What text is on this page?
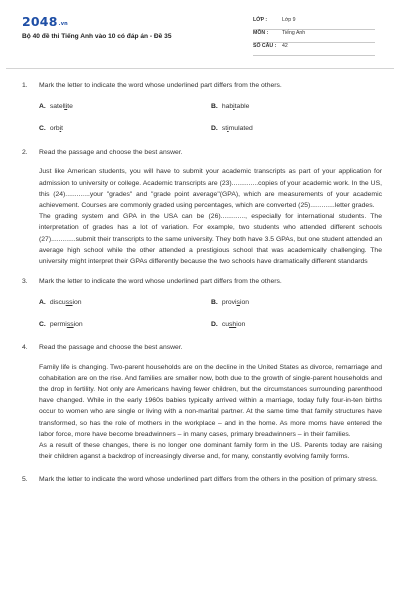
2048.vn
Bộ 40 đề thi Tiếng Anh vào 10 có đáp án - Đề 35
LỚP :	Lớp 9
MÔN :	Tiếng Anh
SỐ CÂU :	42
1.	Mark the letter to indicate the word whose underlined part differs from the others.
A. satellite	B. habitable
C. orbit	D. stimulated
2.	Read the passage and choose the best answer.

Just like American students, you will have to submit your academic transcripts as part of your application for admission to university or college. Academic transcripts are (23)..............copies of your academic work. In the US, this (24).............your "grades" and "grade point average"(GPA), which are measurements of your academic achievement. Courses are commonly graded using percentages, which are converted (25).............letter grades.

The grading system and GPA in the USA can be (26)............., especially for international students. The interpretation of grades has a lot of variation. For example, two students who attended different schools (27).............submit their transcripts to the same university. They both have 3.5 GPAs, but one student attended an average high school while the other attended a prestigious school that was academically challenging. The university might interpret their GPAs differently because the two schools have dramatically different standards

3.	Mark the letter to indicate the word whose underlined part differs from the others.
A. discussion	B. provision
C. permission	D. cushion
4.	Read the passage and choose the best answer.

Family life is changing. Two-parent households are on the decline in the United States as divorce, remarriage and cohabitation are on the rise. And families are smaller now, both due to the growth of single-parent households and the drop in fertility. Not only are Americans having fewer children, but the circumstances surrounding parenthood have changed. While in the early 1960s babies typically arrived within a marriage, today fully four-in-ten births occur to women who are single or living with a non-marital partner. At the same time that family structures have transformed, so has the role of mothers in the workplace – and in the home. As more moms have entered the labor force, more have become breadwinners – in many cases, primary breadwinners – in their families.

As a result of these changes, there is no longer one dominant family form in the US. Parents today are raising their children aganst a backdrop of increasingly diverse and, for many, constantly evolving family forms.

5.	Mark the letter to indicate the word whose underlined part differs from the others in the position of primary stress.
